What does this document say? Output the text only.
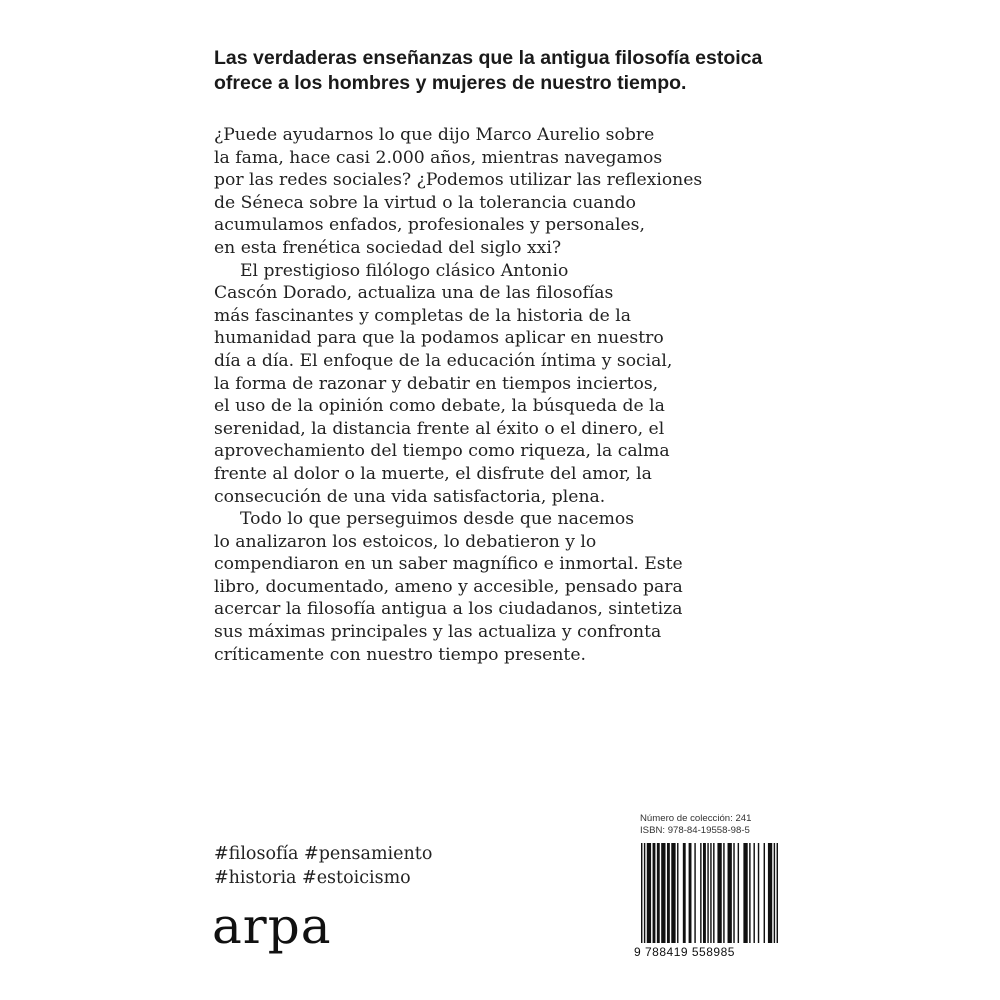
Las verdaderas enseñanzas que la antigua filosofía estoica ofrece a los hombres y mujeres de nuestro tiempo.

¿Puede ayudarnos lo que dijo Marco Aurelio sobre
la fama, hace casi 2.000 años, mientras navegamos
por las redes sociales? ¿Podemos utilizar las reflexiones
de Séneca sobre la virtud o la tolerancia cuando
acumulamos enfados, profesionales y personales,
en esta frenética sociedad del siglo xxi?
El prestigioso filólogo clásico Antonio
Cascón Dorado, actualiza una de las filosofías
más fascinantes y completas de la historia de la
humanidad para que la podamos aplicar en nuestro
día a día. El enfoque de la educación íntima y social,
la forma de razonar y debatir en tiempos inciertos,
el uso de la opinión como debate, la búsqueda de la
serenidad, la distancia frente al éxito o el dinero, el
aprovechamiento del tiempo como riqueza, la calma
frente al dolor o la muerte, el disfrute del amor, la
consecución de una vida satisfactoria, plena.
Todo lo que perseguimos desde que nacemos
lo analizaron los estoicos, lo debatieron y lo
compendiaron en un saber magnífico e inmortal. Este
libro, documentado, ameno y accesible, pensado para
acercar la filosofía antigua a los ciudadanos, sintetiza
sus máximas principales y las actualiza y confronta
críticamente con nuestro tiempo presente.
#filosofía #pensamiento
#historia #estoicismo
arpa
Número de colección: 241
ISBN: 978-84-19558-98-5
9 788419 558985
